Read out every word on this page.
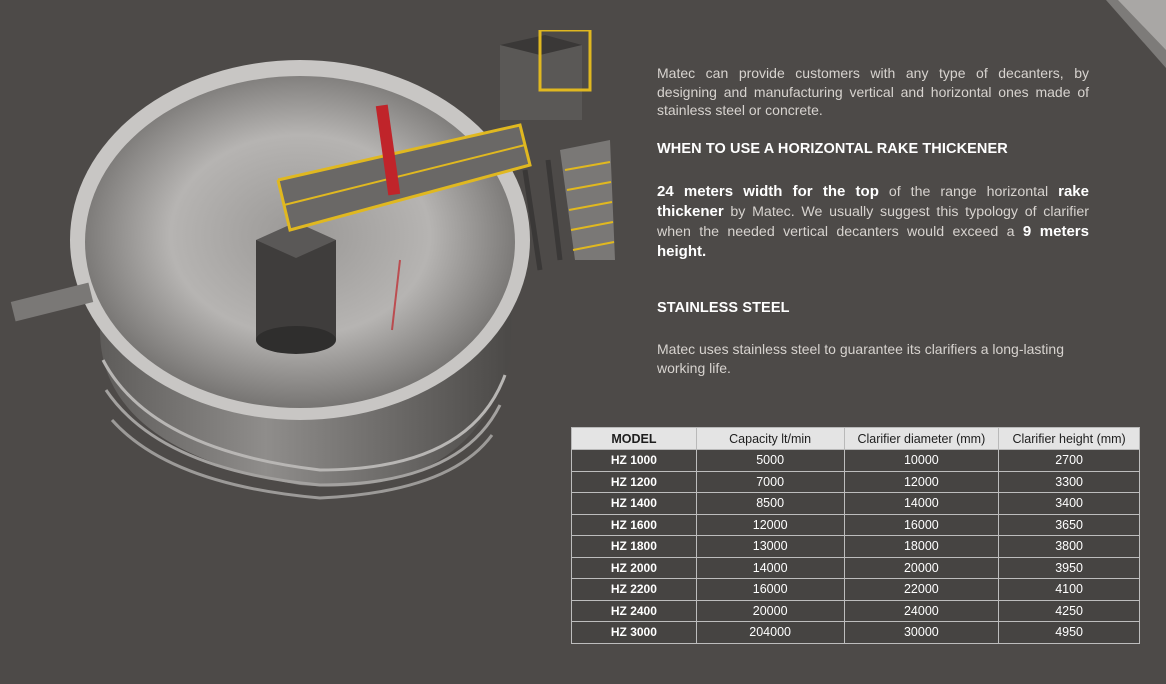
Matec can provide customers with any type of decanters, by designing and manufacturing vertical and horizontal ones made of stainless steel or concrete.

WHEN TO USE A HORIZONTAL RAKE THICKENER

24 meters width for the top of the range horizontal rake thickener by Matec. We usually suggest this typology of clarifier when the needed vertical decanters would exceed a 9 meters height.

STAINLESS STEEL

Matec uses stainless steel to guarantee its clarifiers a long-lasting working life.

MODEL	Capacity lt/min	Clarifier diameter (mm)	Clarifier height (mm)
HZ 1000	5000	10000	2700
HZ 1200	7000	12000	3300
HZ 1400	8500	14000	3400
HZ 1600	12000	16000	3650
HZ 1800	13000	18000	3800
HZ 2000	14000	20000	3950
HZ 2200	16000	22000	4100
HZ 2400	20000	24000	4250
HZ 3000	204000	30000	4950
